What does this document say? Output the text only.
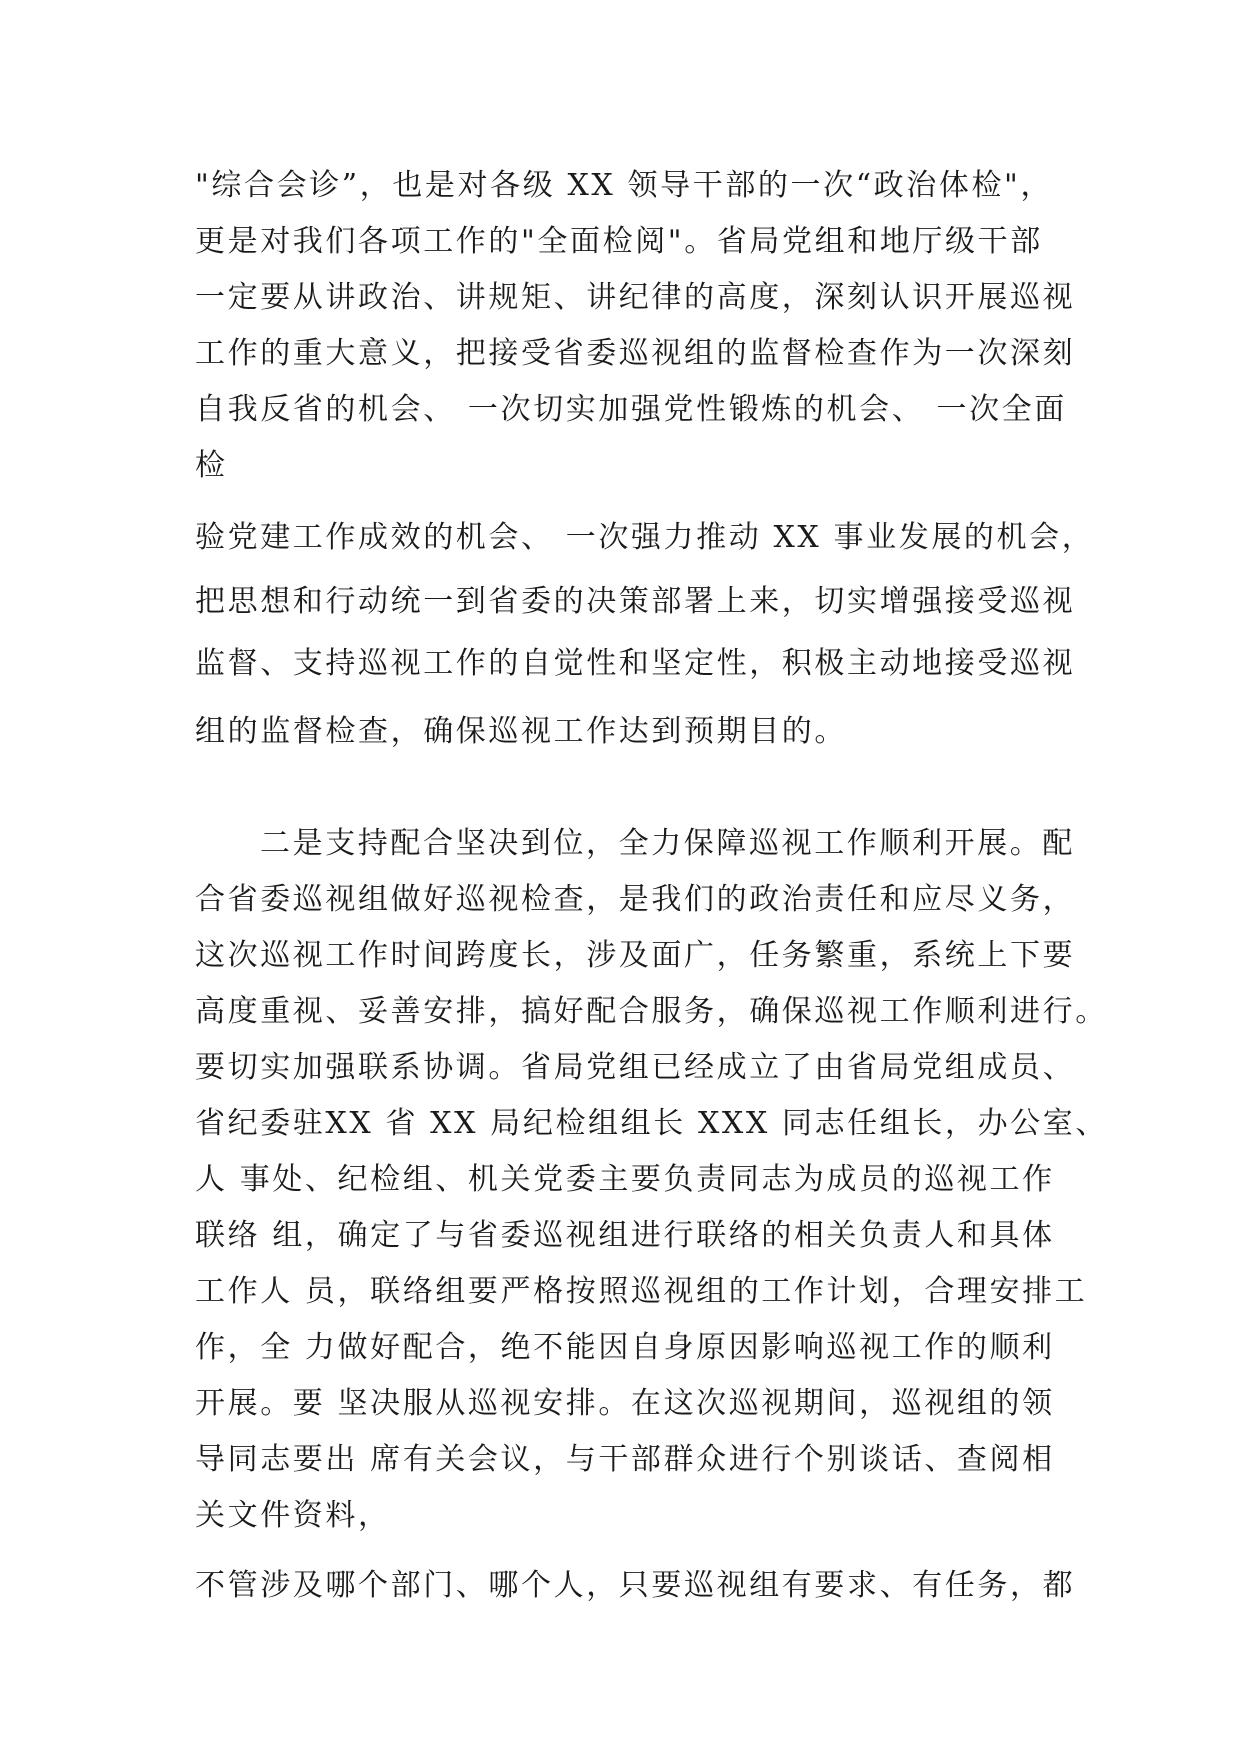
"综合会诊”，也是对各级 XX 领导干部的一次“政治体检"，

更是对我们各项工作的"全面检阅"。省局党组和地厅级干部

一定要从讲政治、讲规矩、讲纪律的高度，深刻认识开展巡视

工作的重大意义，把接受省委巡视组的监督检查作为一次深刻

自我反省的机会、 一次切实加强党性锻炼的机会、 一次全面

检

验党建工作成效的机会、 一次强力推动 XX 事业发展的机会，

把思想和行动统一到省委的决策部署上来，切实增强接受巡视

监督、支持巡视工作的自觉性和坚定性，积极主动地接受巡视

组的监督检查，确保巡视工作达到预期目的。

二是支持配合坚决到位，全力保障巡视工作顺利开展。配

合省委巡视组做好巡视检查，是我们的政治责任和应尽义务，

这次巡视工作时间跨度长，涉及面广，任务繁重，系统上下要

高度重视、妥善安排，搞好配合服务，确保巡视工作顺利进行。

要切实加强联系协调。省局党组已经成立了由省局党组成员、

省纪委驻XX 省 XX 局纪检组组长 XXX 同志任组长，办公室、

人 事处、纪检组、机关党委主要负责同志为成员的巡视工作

联络 组，确定了与省委巡视组进行联络的相关负责人和具体

工作人 员，联络组要严格按照巡视组的工作计划，合理安排工

作，全 力做好配合，绝不能因自身原因影响巡视工作的顺利

开展。要 坚决服从巡视安排。在这次巡视期间，巡视组的领

导同志要出 席有关会议，与干部群众进行个别谈话、查阅相

关文件资料，

不管涉及哪个部门、哪个人，只要巡视组有要求、有任务，都
